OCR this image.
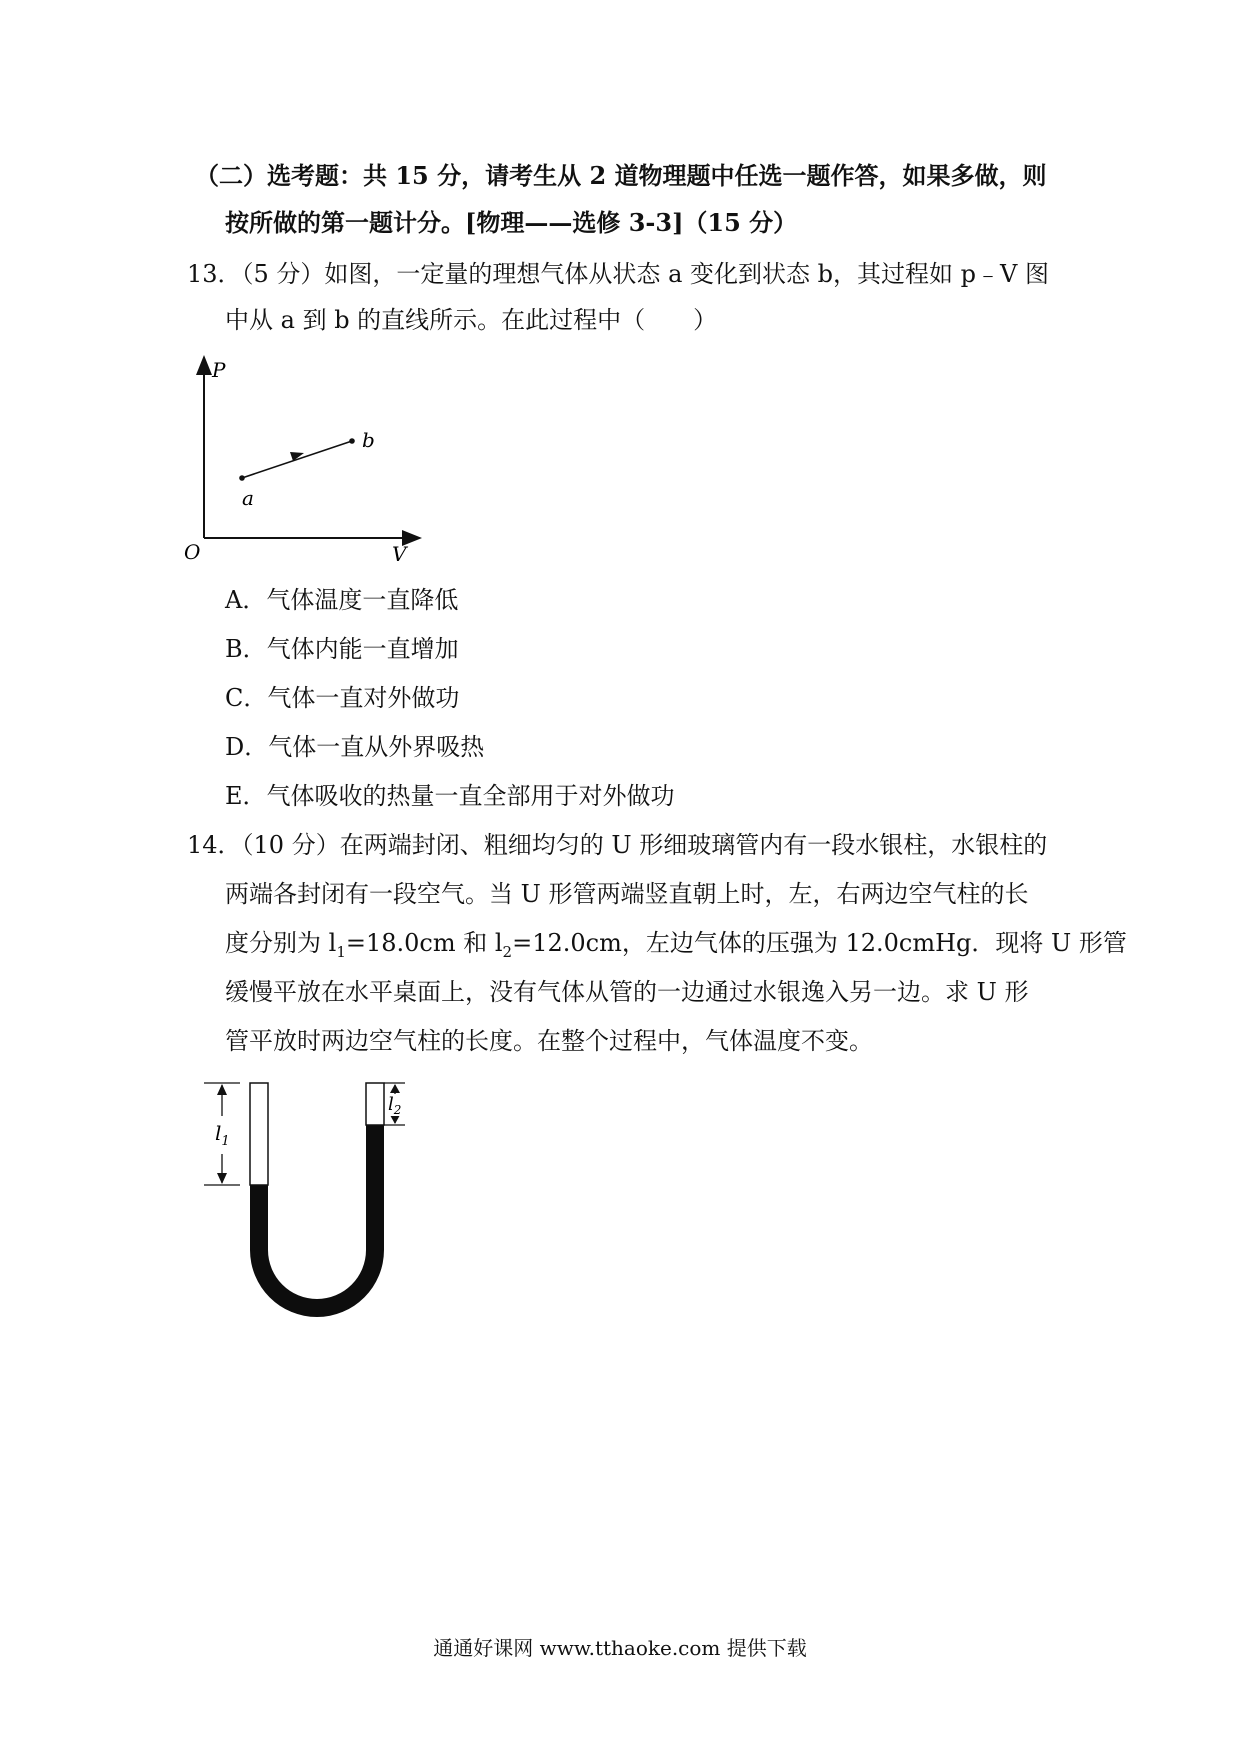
（二）选考题：共 15 分，请考生从 2 道物理题中任选一题作答，如果多做，则
按所做的第一题计分。[物理——选修 3-3]（15 分）
13．（5 分）如图，一定量的理想气体从状态 a 变化到状态 b，其过程如 p﹣V 图
中从 a 到 b 的直线所示。在此过程中（　　）
P
V
O
a
b
A．气体温度一直降低
B．气体内能一直增加
C．气体一直对外做功
D．气体一直从外界吸热
E．气体吸收的热量一直全部用于对外做功
14．（10 分）在两端封闭、粗细均匀的 U 形细玻璃管内有一段水银柱，水银柱的
两端各封闭有一段空气。当 U 形管两端竖直朝上时，左，右两边空气柱的长
度分别为 $l_1=18.0cm$ 和 $l_2=12.0cm$，左边气体的压强为 12.0cmHg．现将 U 形管
缓慢平放在水平桌面上，没有气体从管的一边通过水银逸入另一边。求 U 形
管平放时两边空气柱的长度。在整个过程中，气体温度不变。
$l_1$
$l_2$
通通好课网 www.tthaoke.com 提供下载
